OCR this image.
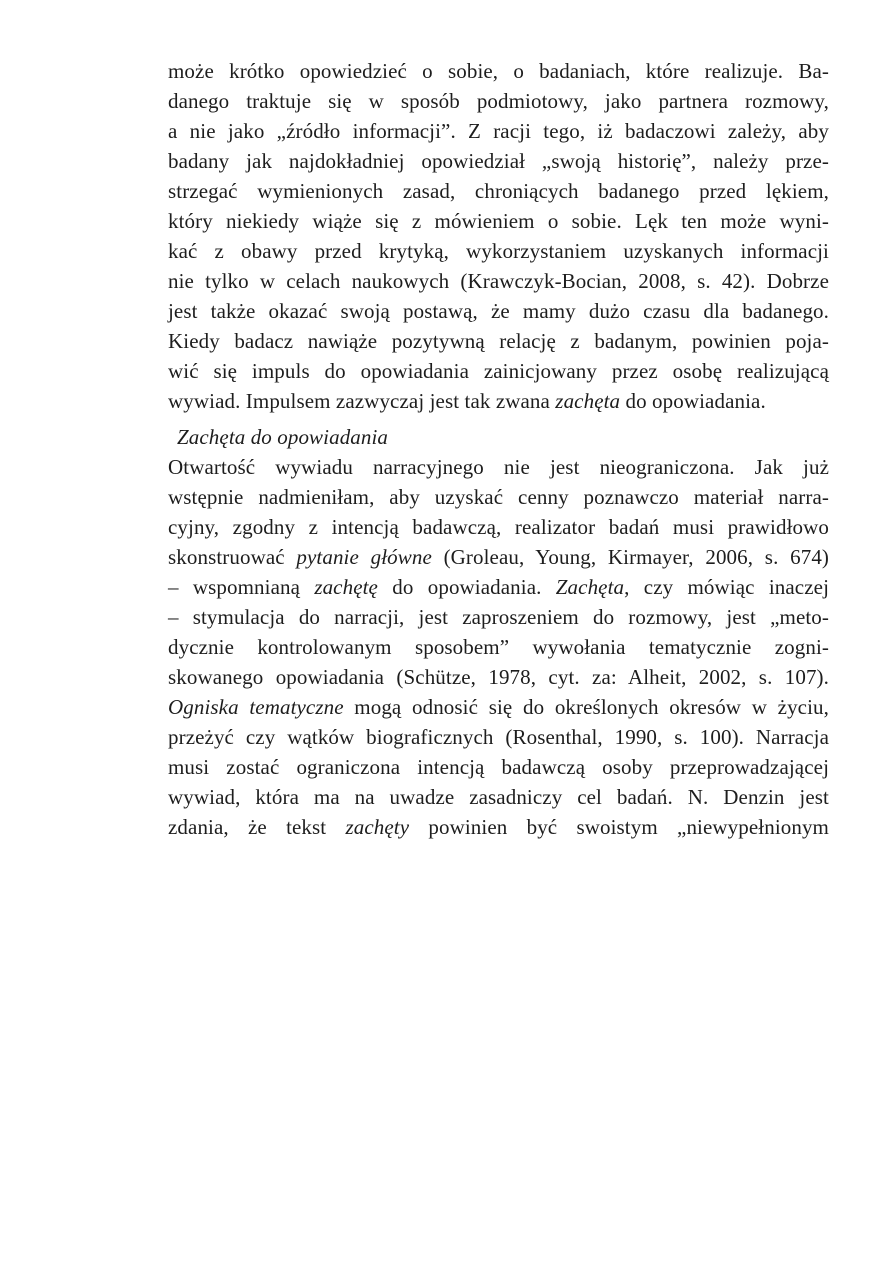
może krótko opowiedzieć o sobie, o badaniach, które realizuje. Ba-
danego traktuje się w sposób podmiotowy, jako partnera rozmowy,
a nie jako „źródło informacji”. Z racji tego, iż badaczowi zależy, aby
badany jak najdokładniej opowiedział „swoją historię”, należy prze-
strzegać wymienionych zasad, chroniących badanego przed lękiem,
który niekiedy wiąże się z mówieniem o sobie. Lęk ten może wyni-
kać z obawy przed krytyką, wykorzystaniem uzyskanych informacji
nie tylko w celach naukowych (Krawczyk-Bocian, 2008, s. 42). Dobrze
jest także okazać swoją postawą, że mamy dużo czasu dla badanego.
Kiedy badacz nawiąże pozytywną relację z badanym, powinien poja-
wić się impuls do opowiadania zainicjowany przez osobę realizującą
wywiad. Impulsem zazwyczaj jest tak zwana zachęta do opowiadania.
Zachęta do opowiadania
Otwartość wywiadu narracyjnego nie jest nieograniczona. Jak już
wstępnie nadmieniłam, aby uzyskać cenny poznawczo materiał narra-
cyjny, zgodny z intencją badawczą, realizator badań musi prawidłowo
skonstruować pytanie główne (Groleau, Young, Kirmayer, 2006, s. 674)
– wspomnianą zachętę do opowiadania. Zachęta, czy mówiąc inaczej
– stymulacja do narracji, jest zaproszeniem do rozmowy, jest „meto-
dycznie kontrolowanym sposobem” wywołania tematycznie zogni-
skowanego opowiadania (Schütze, 1978, cyt. za: Alheit, 2002, s. 107).
Ogniska tematyczne mogą odnosić się do określonych okresów w życiu,
przeżyć czy wątków biograficznych (Rosenthal, 1990, s. 100). Narracja
musi zostać ograniczona intencją badawczą osoby przeprowadzającej
wywiad, która ma na uwadze zasadniczy cel badań. N. Denzin jest
zdania, że tekst zachęty powinien być swoistym „niewypełnionym
